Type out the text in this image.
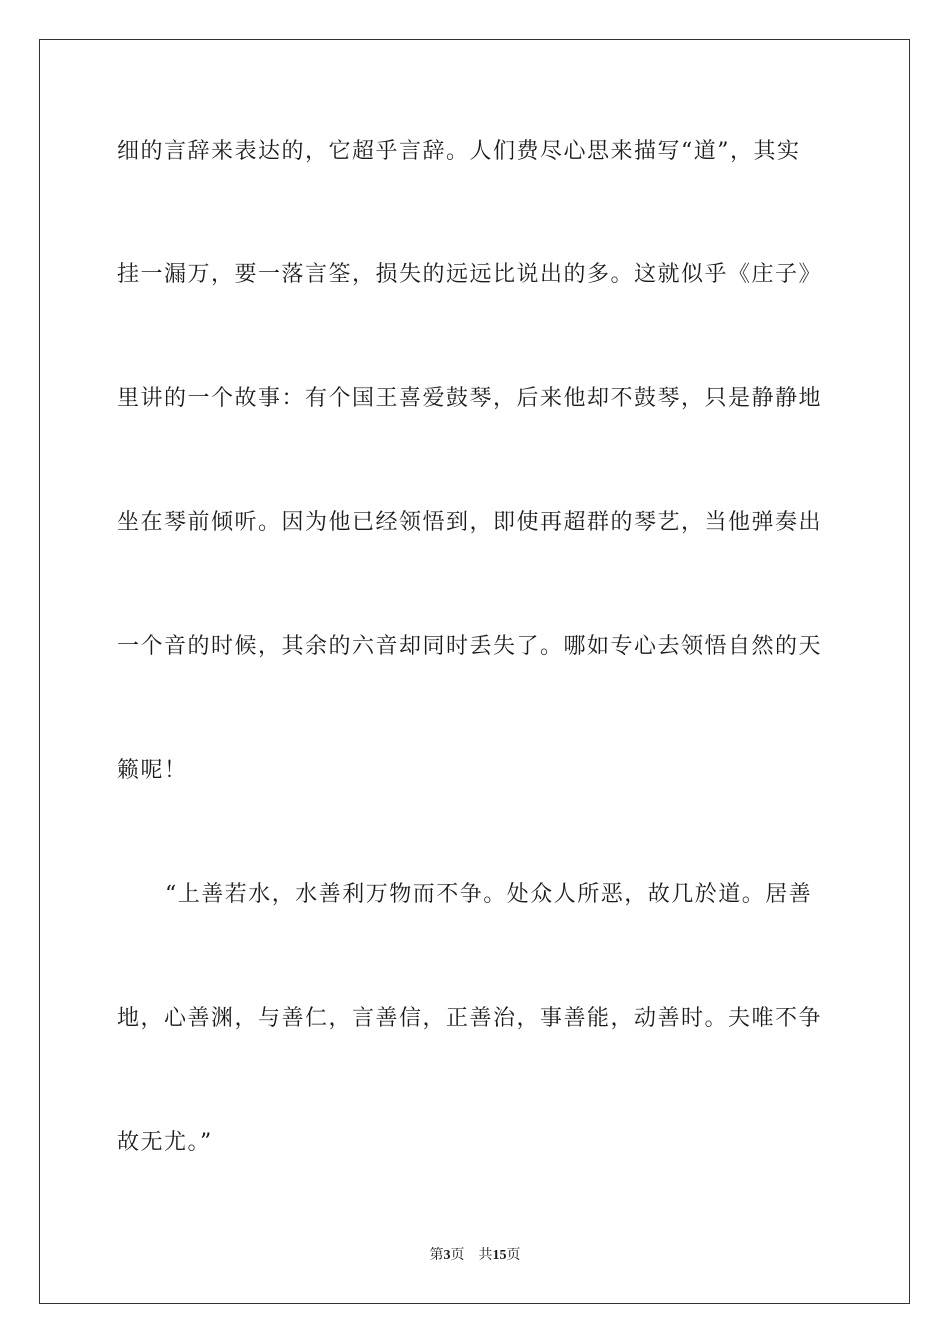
细的言辞来表达的，它超乎言辞。人们费尽心思来描写“道”，其实
挂一漏万，要一落言筌，损失的远远比说出的多。这就似乎《庄子》
里讲的一个故事：有个国王喜爱鼓琴，后来他却不鼓琴，只是静静地
坐在琴前倾听。因为他已经领悟到，即使再超群的琴艺，当他弹奏出
一个音的时候，其余的六音却同时丢失了。哪如专心去领悟自然的天
籁呢！
“上善若水，水善利万物而不争。处众人所恶，故几於道。居善
地，心善渊，与善仁，言善信，正善治，事善能，动善时。夫唯不争
故无尤。”
第3页 共15页
